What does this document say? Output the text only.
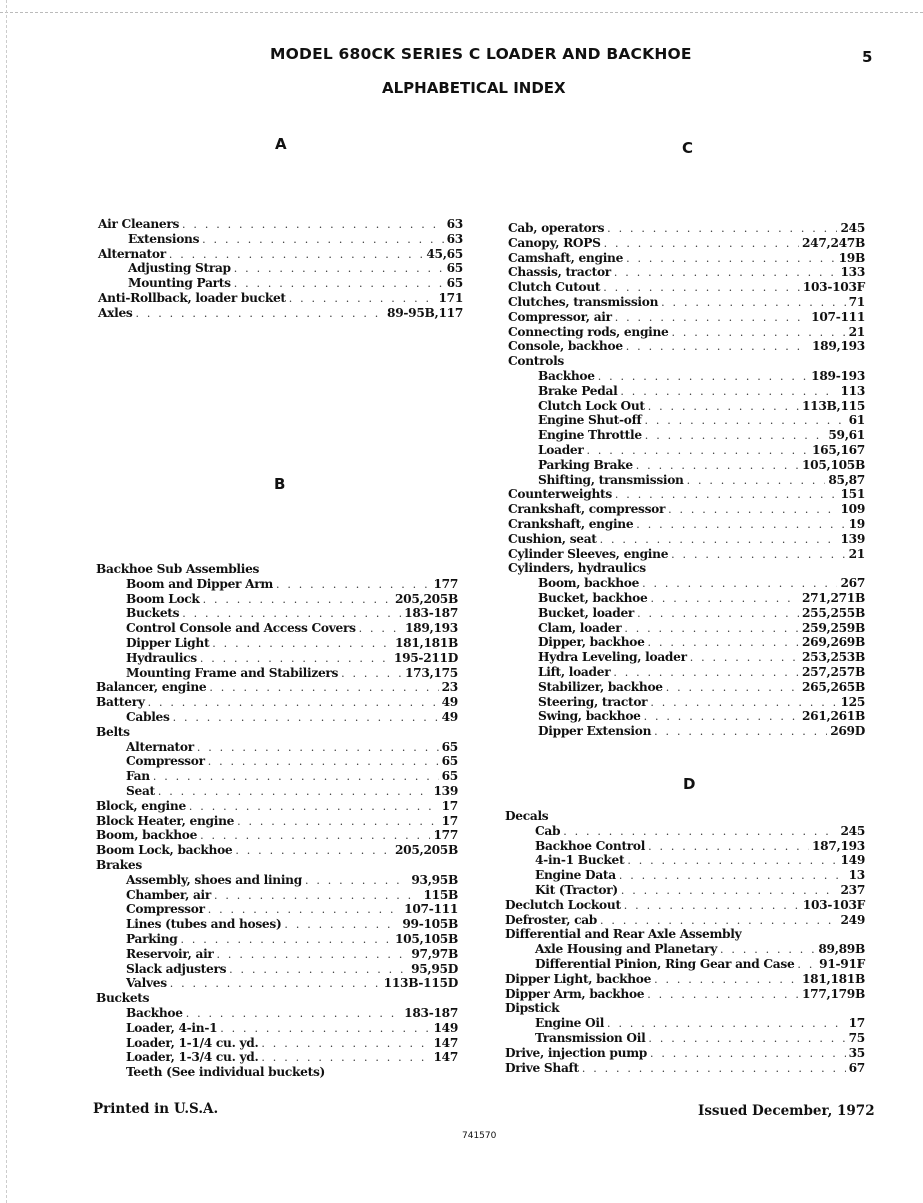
MODEL 680CK SERIES C LOADER AND BACKHOE	5
ALPHABETICAL INDEX
A
Air Cleaners . . .	63
Extensions . . .	63
Alternator . . .	45,65
Adjusting Strap . . .	65
Mounting Parts . . .	65
Anti-Rollback, loader bucket . . .	171
Axles . . .	89-95B,117
B
Backhoe Sub Assemblies
Boom and Dipper Arm . . .	177
Boom Lock . . .	205,205B
Buckets . . .	183-187
Control Console and Access Covers . . .	189,193
Dipper Light . . .	181,181B
Hydraulics . . .	195-211D
Mounting Frame and Stabilizers . . .	173,175
Balancer, engine . . .	23
Battery . . .	49
Cables . . .	49
Belts
Alternator . . .	65
Compressor . . .	65
Fan . . .	65
Seat . . .	139
Block, engine . . .	17
Block Heater, engine . . .	17
Boom, backhoe . . .	177
Boom Lock, backhoe . . .	205,205B
Brakes
Assembly, shoes and lining . . .	93,95B
Chamber, air . . .	115B
Compressor . . .	107-111
Lines (tubes and hoses) . . .	99-105B
Parking . . .	105,105B
Reservoir, air . . .	97,97B
Slack adjusters . . .	95,95D
Valves . . .	113B-115D
Buckets
Backhoe . . .	183-187
Loader, 4-in-1 . . .	149
Loader, 1-1/4 cu. yd. . . .	147
Loader, 1-3/4 cu. yd. . . .	147
Teeth (See individual buckets)
C
Cab, operators . . .	245
Canopy, ROPS . . .	247,247B
Camshaft, engine . . .	19B
Chassis, tractor . . .	133
Clutch Cutout . . .	103-103F
Clutches, transmission . . .	71
Compressor, air . . .	107-111
Connecting rods, engine . . .	21
Console, backhoe . . .	189,193
Controls
Backhoe . . .	189-193
Brake Pedal . . .	113
Clutch Lock Out . . .	113B,115
Engine Shut-off . . .	61
Engine Throttle . . .	59,61
Loader . . .	165,167
Parking Brake . . .	105,105B
Shifting, transmission . . .	85,87
Counterweights . . .	151
Crankshaft, compressor . . .	109
Crankshaft, engine . . .	19
Cushion, seat . . .	139
Cylinder Sleeves, engine . . .	21
Cylinders, hydraulics
Boom, backhoe . . .	267
Bucket, backhoe . . .	271,271B
Bucket, loader . . .	255,255B
Clam, loader . . .	259,259B
Dipper, backhoe . . .	269,269B
Hydra Leveling, loader . . .	253,253B
Lift, loader . . .	257,257B
Stabilizer, backhoe . . .	265,265B
Steering, tractor . . .	125
Swing, backhoe . . .	261,261B
Dipper Extension . . .	269D
D
Decals
Cab . . .	245
Backhoe Control . . .	187,193
4-in-1 Bucket . . .	149
Engine Data . . .	13
Kit (Tractor) . . .	237
Declutch Lockout . . .	103-103F
Defroster, cab . . .	249
Differential and Rear Axle Assembly
Axle Housing and Planetary . . .	89,89B
Differential Pinion, Ring Gear and Case . . . 91-91F
Dipper Light, backhoe . . .	181,181B
Dipper Arm, backhoe . . .	177,179B
Dipstick
Engine Oil . . .	17
Transmission Oil . . .	75
Drive, injection pump . . .	35
Drive Shaft . . .	67
Printed in U.S.A.	Issued December, 1972
741570
